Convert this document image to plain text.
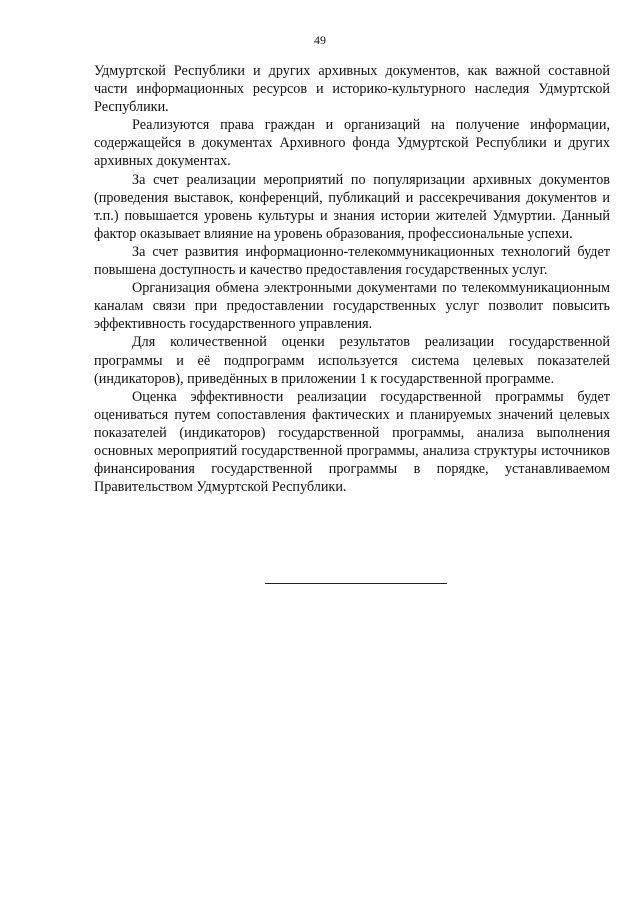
49

Удмуртской Республики и других архивных документов, как важной составной части информационных ресурсов и историко-культурного наследия Удмуртской Республики.

Реализуются права граждан и организаций на получение информации, содержащейся в документах Архивного фонда Удмуртской Республики и других архивных документах.

За счет реализации мероприятий по популяризации архивных документов (проведения выставок, конференций, публикаций и рассекречивания документов и т.п.) повышается уровень культуры и знания истории жителей Удмуртии. Данный фактор оказывает влияние на уровень образования, профессиональные успехи.

За счет развития информационно-телекоммуникационных технологий будет повышена доступность и качество предоставления государственных услуг.

Организация обмена электронными документами по телекоммуникационным каналам связи при предоставлении государственных услуг позволит повысить эффективность государственного управления.

Для количественной оценки результатов реализации государственной программы и её подпрограмм используется система целевых показателей (индикаторов), приведённых в приложении 1 к государственной программе.

Оценка эффективности реализации государственной программы будет оцениваться путем сопоставления фактических и планируемых значений целевых показателей (индикаторов) государственной программы, анализа выполнения основных мероприятий государственной программы, анализа структуры источников финансирования государственной программы в порядке, устанавливаемом Правительством Удмуртской Республики.
